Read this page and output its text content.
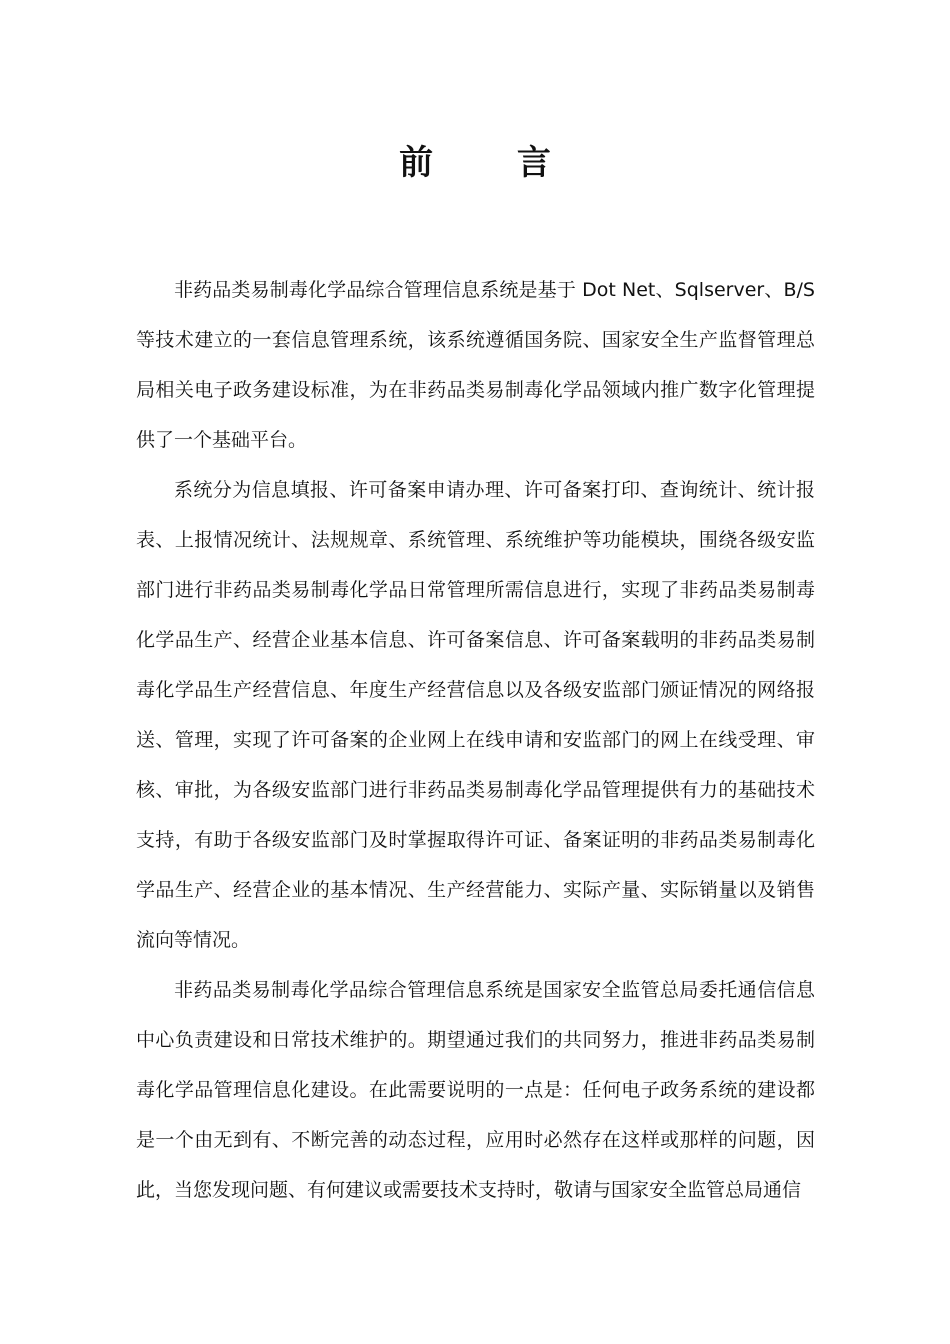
前 言

非药品类易制毒化学品综合管理信息系统是基于 Dot Net、Sqlserver、B/S 等技术建立的一套信息管理系统，该系统遵循国务院、国家安全生产监督管理总局相关电子政务建设标准，为在非药品类易制毒化学品领域内推广数字化管理提供了一个基础平台。

系统分为信息填报、许可备案申请办理、许可备案打印、查询统计、统计报表、上报情况统计、法规规章、系统管理、系统维护等功能模块，围绕各级安监部门进行非药品类易制毒化学品日常管理所需信息进行，实现了非药品类易制毒化学品生产、经营企业基本信息、许可备案信息、许可备案载明的非药品类易制毒化学品生产经营信息、年度生产经营信息以及各级安监部门颁证情况的网络报送、管理，实现了许可备案的企业网上在线申请和安监部门的网上在线受理、审核、审批，为各级安监部门进行非药品类易制毒化学品管理提供有力的基础技术支持，有助于各级安监部门及时掌握取得许可证、备案证明的非药品类易制毒化学品生产、经营企业的基本情况、生产经营能力、实际产量、实际销量以及销售流向等情况。

非药品类易制毒化学品综合管理信息系统是国家安全监管总局委托通信信息中心负责建设和日常技术维护的。期望通过我们的共同努力，推进非药品类易制毒化学品管理信息化建设。在此需要说明的一点是：任何电子政务系统的建设都是一个由无到有、不断完善的动态过程，应用时必然存在这样或那样的问题，因此，当您发现问题、有何建议或需要技术支持时，敬请与国家安全监管总局通信
